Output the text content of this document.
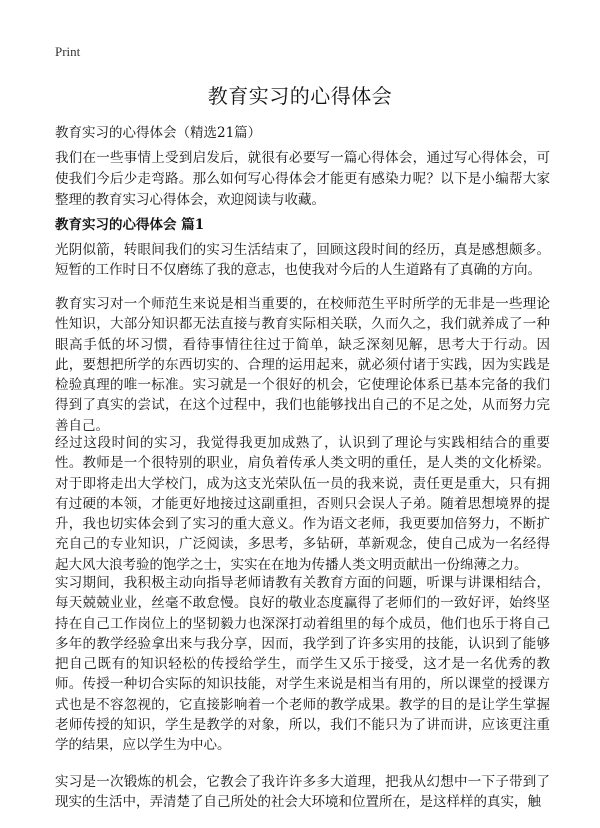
Print
教育实习的心得体会

教育实习的心得体会（精选21篇）

我们在一些事情上受到启发后，就很有必要写一篇心得体会，通过写心得体会，可使我们今后少走弯路。那么如何写心得体会才能更有感染力呢？以下是小编帮大家整理的教育实习心得体会，欢迎阅读与收藏。

教育实习的心得体会 篇1

光阴似箭，转眼间我们的实习生活结束了，回顾这段时间的经历，真是感想颇多。短暂的工作时日不仅磨练了我的意志，也使我对今后的人生道路有了真确的方向。

教育实习对一个师范生来说是相当重要的，在校师范生平时所学的无非是一些理论性知识，大部分知识都无法直接与教育实际相关联，久而久之，我们就养成了一种眼高手低的坏习惯，看待事情往往过于简单，缺乏深刻见解，思考大于行动。因此，要想把所学的东西切实的、合理的运用起来，就必须付诸于实践，因为实践是检验真理的唯一标准。实习就是一个很好的机会，它使理论体系已基本完备的我们得到了真实的尝试，在这个过程中，我们也能够找出自己的不足之处，从而努力完善自己。

经过这段时间的实习，我觉得我更加成熟了，认识到了理论与实践相结合的重要性。教师是一个很特别的职业，肩负着传承人类文明的重任，是人类的文化桥梁。对于即将走出大学校门，成为这支光荣队伍一员的我来说，责任更是重大，只有拥有过硬的本领，才能更好地接过这副重担，否则只会误人子弟。随着思想境界的提升，我也切实体会到了实习的重大意义。作为语文老师，我更要加倍努力，不断扩充自己的专业知识，广泛阅读，多思考，多钻研，革新观念，使自己成为一名经得起大风大浪考验的饱学之士，实实在在地为传播人类文明贡献出一份绵薄之力。

实习期间，我积极主动向指导老师请教有关教育方面的问题，听课与讲课相结合，每天兢兢业业，丝毫不敢怠慢。良好的敬业态度赢得了老师们的一致好评，始终坚持在自己工作岗位上的坚韧毅力也深深打动着组里的每个成员，他们也乐于将自己多年的教学经验拿出来与我分享，因而，我学到了许多实用的技能，认识到了能够把自己既有的知识轻松的传授给学生，而学生又乐于接受，这才是一名优秀的教师。传授一种切合实际的知识技能，对学生来说是相当有用的，所以课堂的授课方式也是不容忽视的，它直接影响着一个老师的教学成果。教学的目的是让学生掌握老师传授的知识，学生是教学的对象，所以，我们不能只为了讲而讲，应该更注重学的结果，应以学生为中心。

实习是一次锻炼的机会，它教会了我许许多多大道理，把我从幻想中一下子带到了现实的生活中，弄清楚了自己所处的社会大环境和位置所在，是这样样的真实，触
